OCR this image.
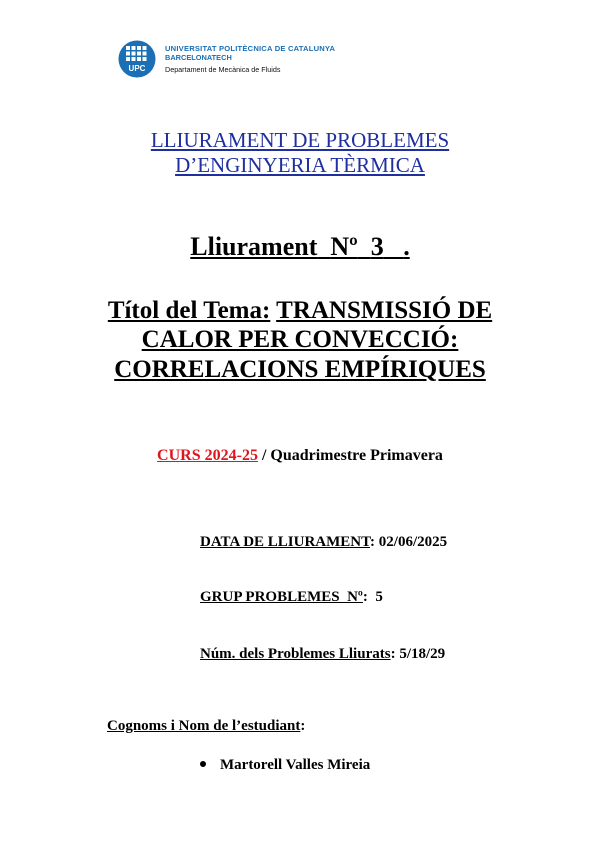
UPC
UNIVERSITAT POLITÈCNICA DE CATALUNYA
BARCELONATECH
Departament de Mecànica de Fluids
LLIURAMENT DE PROBLEMES
D’ENGINYERIA TÈRMICA
Lliurament Nº 3 .
Títol del Tema: TRANSMISSIÓ DE
CALOR PER CONVECCIÓ:
CORRELACIONS EMPÍRIQUES
CURS 2024-25 / Quadrimestre Primavera
DATA DE LLIURAMENT: 02/06/2025
GRUP PROBLEMES  Nº:  5
Núm. dels Problemes Lliurats: 5/18/29
Cognoms i Nom de l’estudiant:
Martorell Valles Mireia
